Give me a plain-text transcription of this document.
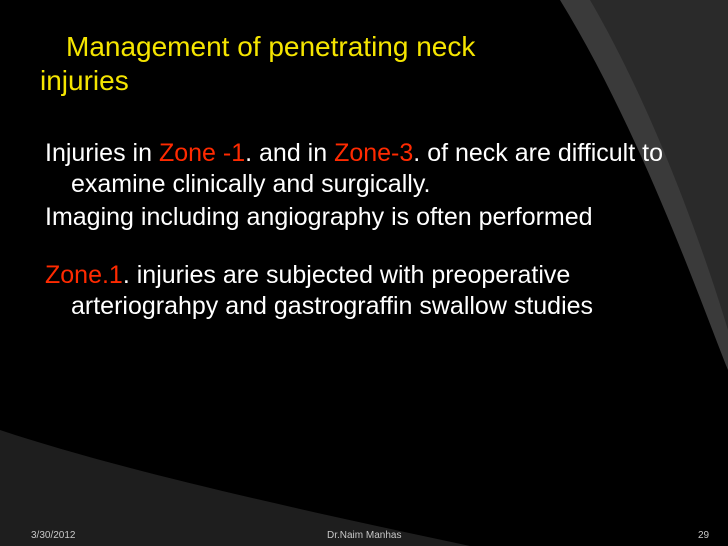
Management of penetrating neck
injuries

Injuries in Zone -1. and in Zone-3. of neck are difficult to examine clinically and surgically.

Imaging including angiography is often performed

Zone.1. injuries are subjected with preoperative arteriograhpy and gastrograffin swallow studies

3/30/2012	Dr.Naim Manhas	29
